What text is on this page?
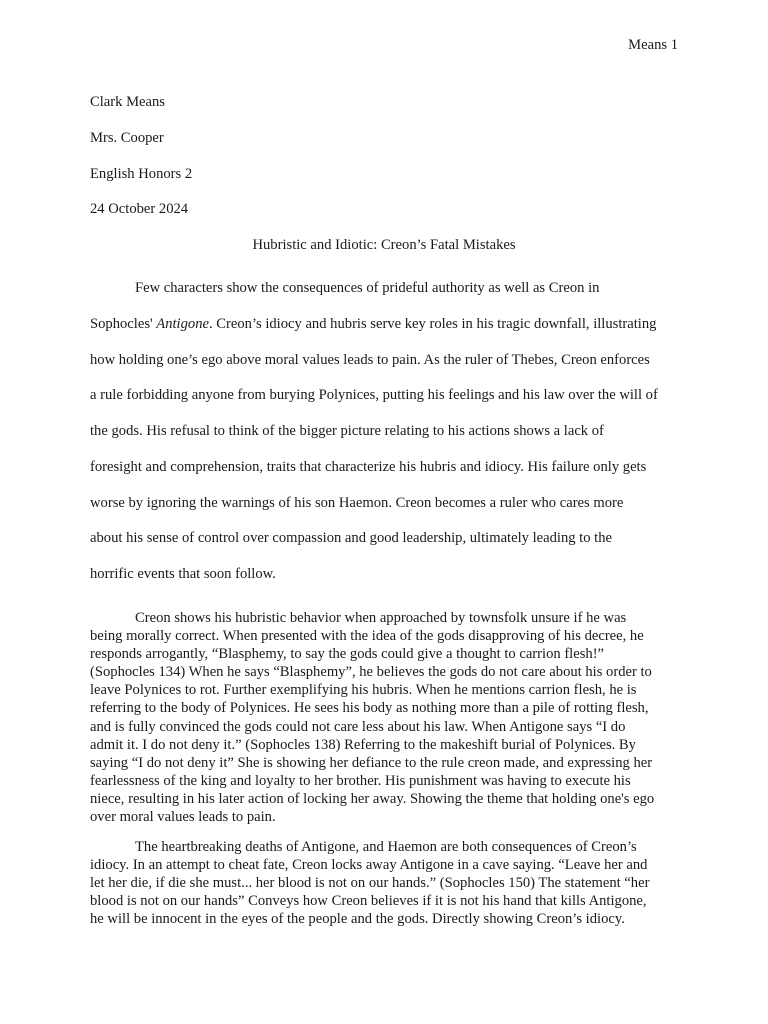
Means 1
Clark Means
Mrs. Cooper
English Honors 2
24 October 2024
Hubristic and Idiotic: Creon’s Fatal Mistakes

Few characters show the consequences of prideful authority as well as Creon in
Sophocles' Antigone. Creon’s idiocy and hubris serve key roles in his tragic downfall, illustrating
how holding one’s ego above moral values leads to pain. As the ruler of Thebes, Creon enforces
a rule forbidding anyone from burying Polynices, putting his feelings and his law over the will of
the gods. His refusal to think of the bigger picture relating to his actions shows a lack of
foresight and comprehension, traits that characterize his hubris and idiocy. His failure only gets
worse by ignoring the warnings of his son Haemon. Creon becomes a ruler who cares more
about his sense of control over compassion and good leadership, ultimately leading to the
horrific events that soon follow.

Creon shows his hubristic behavior when approached by townsfolk unsure if he was
being morally correct. When presented with the idea of the gods disapproving of his decree, he
responds arrogantly, “Blasphemy, to say the gods could give a thought to carrion flesh!”
(Sophocles 134) When he says “Blasphemy”, he believes the gods do not care about his order to
leave Polynices to rot. Further exemplifying his hubris. When he mentions carrion flesh, he is
referring to the body of Polynices. He sees his body as nothing more than a pile of rotting flesh,
and is fully convinced the gods could not care less about his law. When Antigone says “I do
admit it. I do not deny it.” (Sophocles 138) Referring to the makeshift burial of Polynices. By
saying “I do not deny it” She is showing her defiance to the rule creon made, and expressing her
fearlessness of the king and loyalty to her brother. His punishment was having to execute his
niece, resulting in his later action of locking her away. Showing the theme that holding one's ego
over moral values leads to pain.

The heartbreaking deaths of Antigone, and Haemon are both consequences of Creon’s
idiocy. In an attempt to cheat fate, Creon locks away Antigone in a cave saying. “Leave her and
let her die, if die she must... her blood is not on our hands.” (Sophocles 150) The statement “her
blood is not on our hands” Conveys how Creon believes if it is not his hand that kills Antigone,
he will be innocent in the eyes of the people and the gods. Directly showing Creon’s idiocy.
